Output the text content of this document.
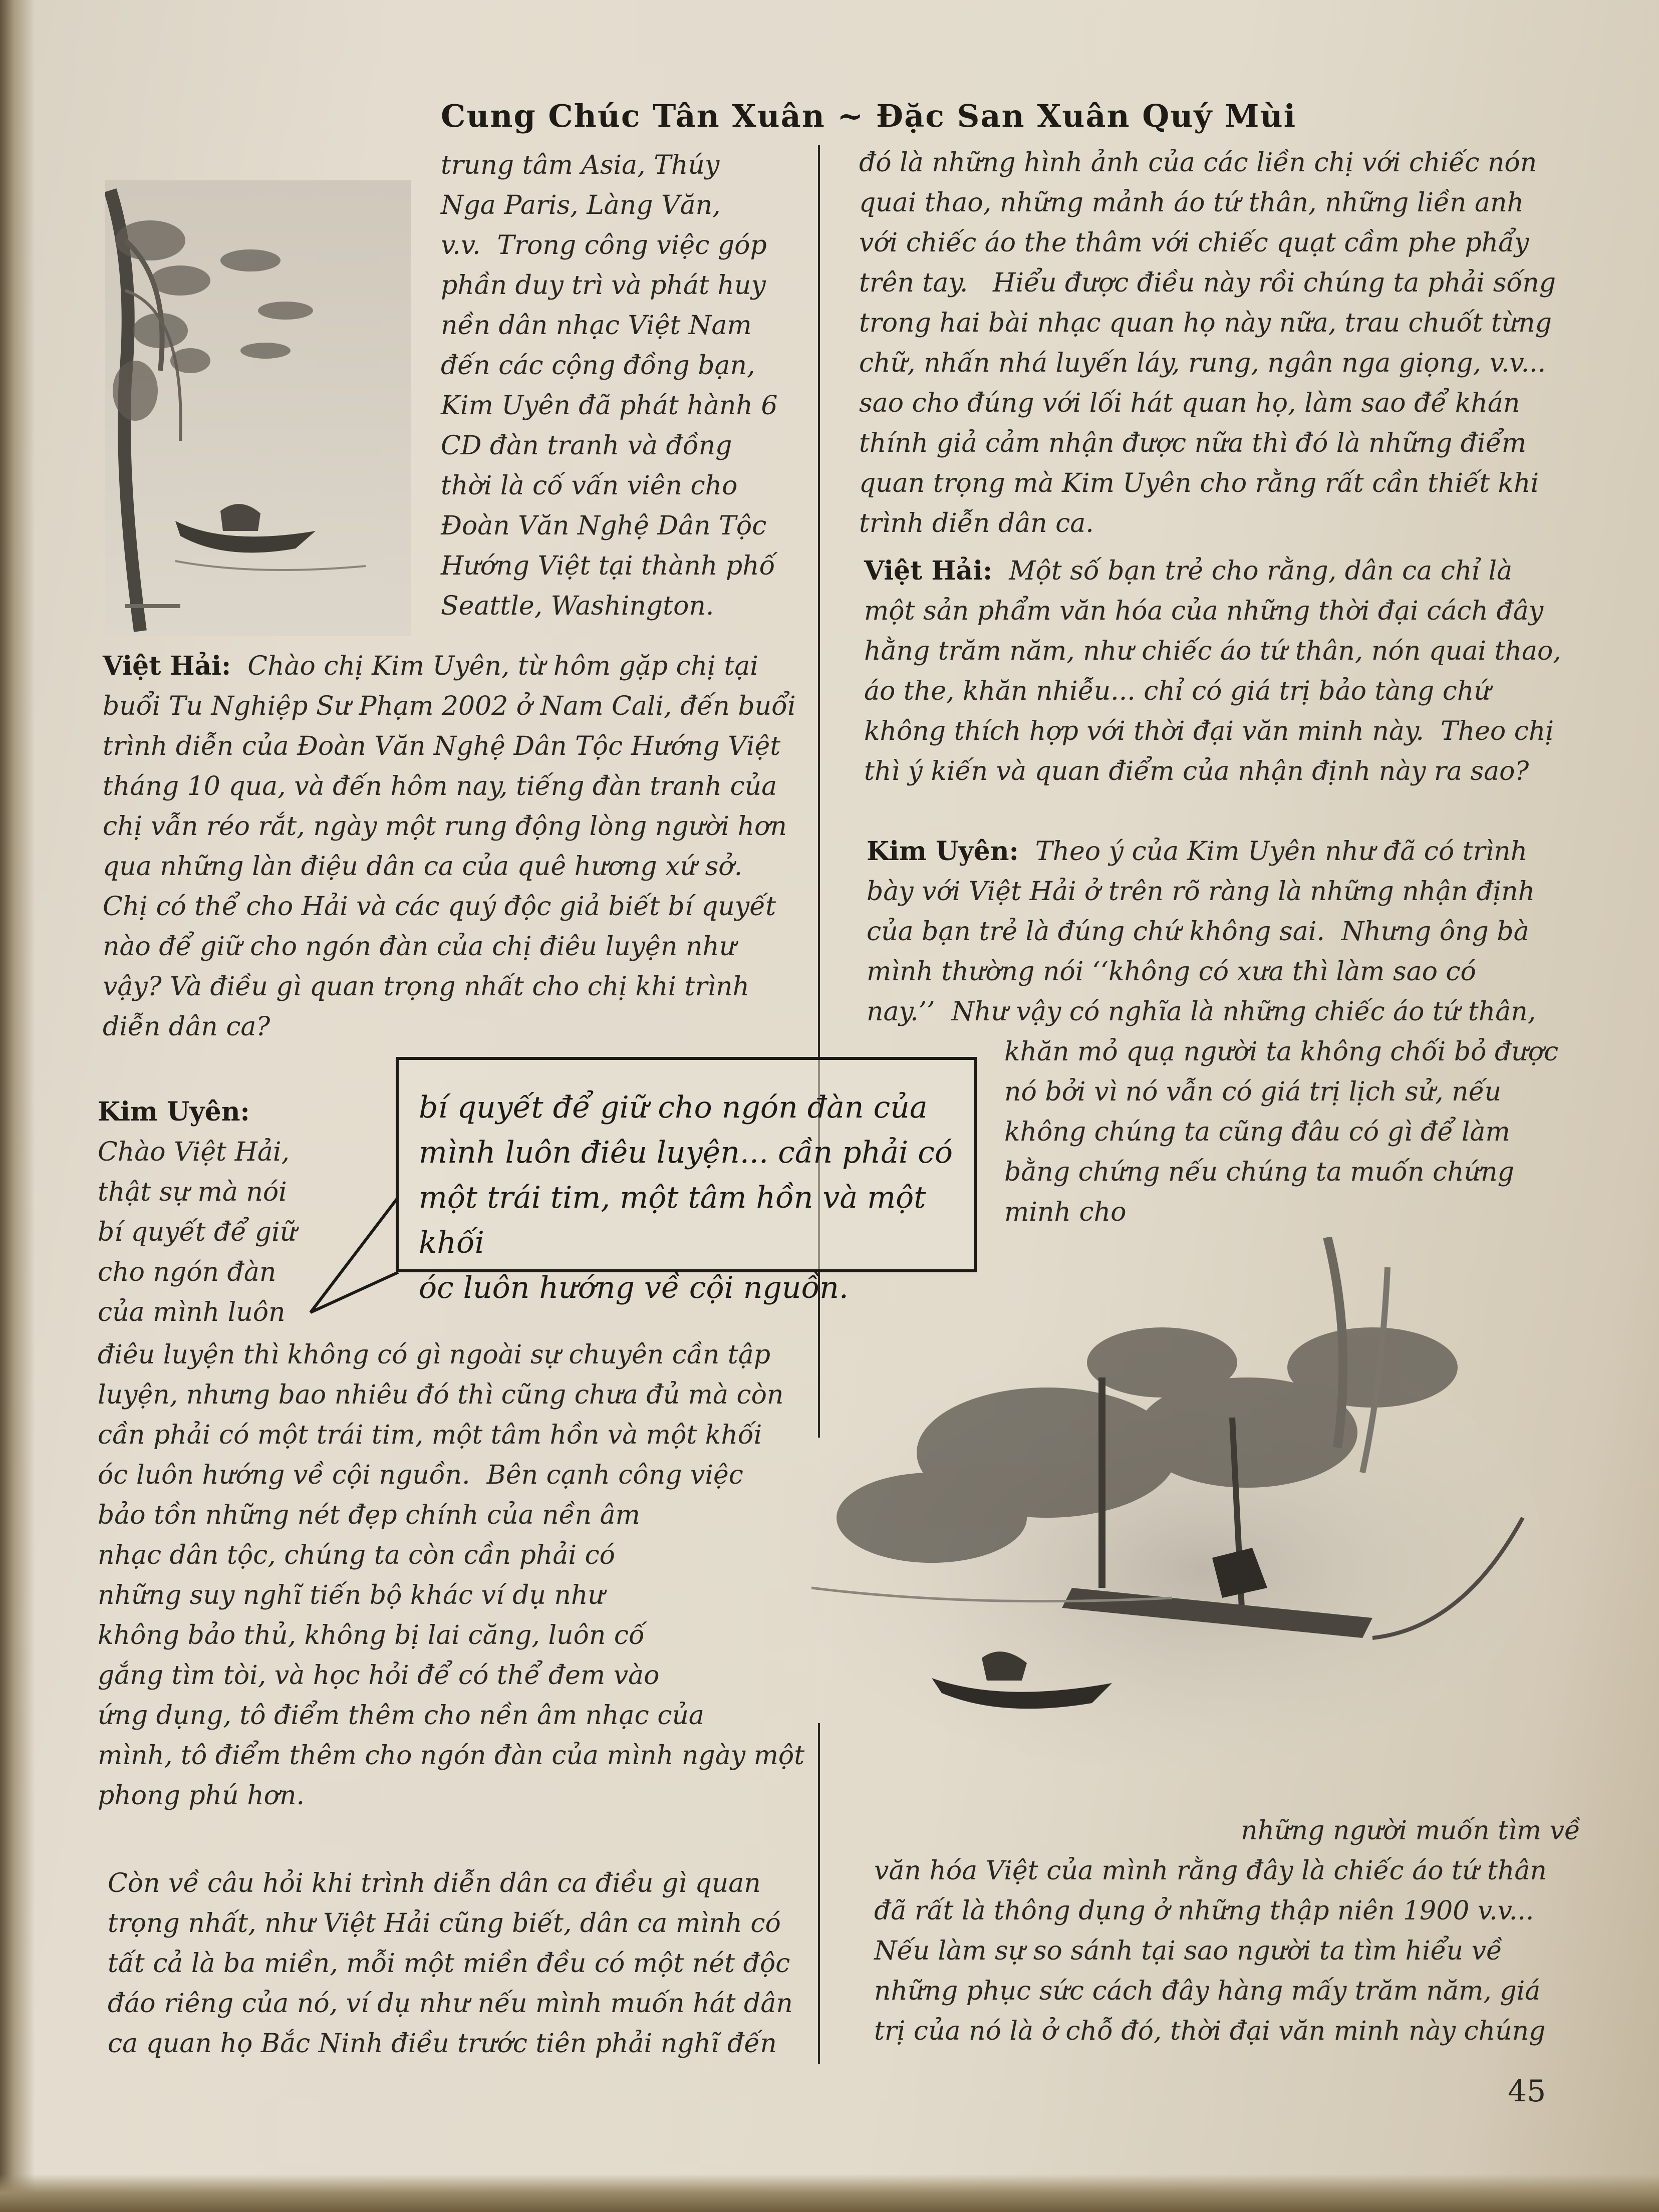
Cung Chúc Tân Xuân ~ Đặc San Xuân Quý Mùi

trung tâm Asia, Thúy

Nga Paris, Làng Văn,

v.v.  Trong công việc góp

phần duy trì và phát huy

nền dân nhạc Việt Nam

đến các cộng đồng bạn,

Kim Uyên đã phát hành 6

CD đàn tranh và đồng

thời là cố vấn viên cho

Đoàn Văn Nghệ Dân Tộc

Hướng Việt tại thành phố

Seattle, Washington.

Việt Hải: Chào chị Kim Uyên, từ hôm gặp chị tại

buổi Tu Nghiệp Sư Phạm 2002 ở Nam Cali, đến buổi

trình diễn của Đoàn Văn Nghệ Dân Tộc Hướng Việt

tháng 10 qua, và đến hôm nay, tiếng đàn tranh của

chị vẫn réo rắt, ngày một rung động lòng người hơn

qua những làn điệu dân ca của quê hương xứ sở.

Chị có thể cho Hải và các quý độc giả biết bí quyết

nào để giữ cho ngón đàn của chị điêu luyện như

vậy? Và điều gì quan trọng nhất cho chị khi trình

diễn dân ca?

Kim Uyên:

Chào Việt Hải,

thật sự mà nói

bí quyết để giữ

cho ngón đàn

của mình luôn

điêu luyện thì không có gì ngoài sự chuyên cần tập

luyện, nhưng bao nhiêu đó thì cũng chưa đủ mà còn

cần phải có một trái tim, một tâm hồn và một khối

óc luôn hướng về cội nguồn.  Bên cạnh công việc

bảo tồn những nét đẹp chính của nền âm

nhạc dân tộc, chúng ta còn cần phải có

những suy nghĩ tiến bộ khác ví dụ như

không bảo thủ, không bị lai căng, luôn cố

gắng tìm tòi, và học hỏi để có thể đem vào

ứng dụng, tô điểm thêm cho nền âm nhạc của

mình, tô điểm thêm cho ngón đàn của mình ngày một

phong phú hơn.

Còn về câu hỏi khi trình diễn dân ca điều gì quan

trọng nhất, như Việt Hải cũng biết, dân ca mình có

tất cả là ba miền, mỗi một miền đều có một nét độc

đáo riêng của nó, ví dụ như nếu mình muốn hát dân

ca quan họ Bắc Ninh điều trước tiên phải nghĩ đến

bí quyết để giữ cho ngón đàn của

mình luôn điêu luyện... cần phải có

một trái tim, một tâm hồn và một khối

óc luôn hướng về cội nguồn.

đó là những hình ảnh của các liền chị với chiếc nón

quai thao, những mảnh áo tứ thân, những liền anh

với chiếc áo the thâm với chiếc quạt cầm phe phẩy

trên tay.   Hiểu được điều này rồi chúng ta phải sống

trong hai bài nhạc quan họ này nữa, trau chuốt từng

chữ, nhấn nhá luyến láy, rung, ngân nga giọng, v.v...

sao cho đúng với lối hát quan họ, làm sao để khán

thính giả cảm nhận được nữa thì đó là những điểm

quan trọng mà Kim Uyên cho rằng rất cần thiết khi

trình diễn dân ca.

Việt Hải: Một số bạn trẻ cho rằng, dân ca chỉ là

một sản phẩm văn hóa của những thời đại cách đây

hằng trăm năm, như chiếc áo tứ thân, nón quai thao,

áo the, khăn nhiễu... chỉ có giá trị bảo tàng chứ

không thích hợp với thời đại văn minh này.  Theo chị

thì ý kiến và quan điểm của nhận định này ra sao?

Kim Uyên: Theo ý của Kim Uyên như đã có trình

bày với Việt Hải ở trên rõ ràng là những nhận định

của bạn trẻ là đúng chứ không sai.  Nhưng ông bà

mình thường nói ‘‘không có xưa thì làm sao có

nay.’’  Như vậy có nghĩa là những chiếc áo tứ thân,

khăn mỏ quạ người ta không chối bỏ được

nó bởi vì nó vẫn có giá trị lịch sử, nếu

không chúng ta cũng đâu có gì để làm

bằng chứng nếu chúng ta muốn chứng

minh cho

những người muốn tìm về

văn hóa Việt của mình rằng đây là chiếc áo tứ thân

đã rất là thông dụng ở những thập niên 1900 v.v...

Nếu làm sự so sánh tại sao người ta tìm hiểu về

những phục sức cách đây hàng mấy trăm năm, giá

trị của nó là ở chỗ đó, thời đại văn minh này chúng

45
